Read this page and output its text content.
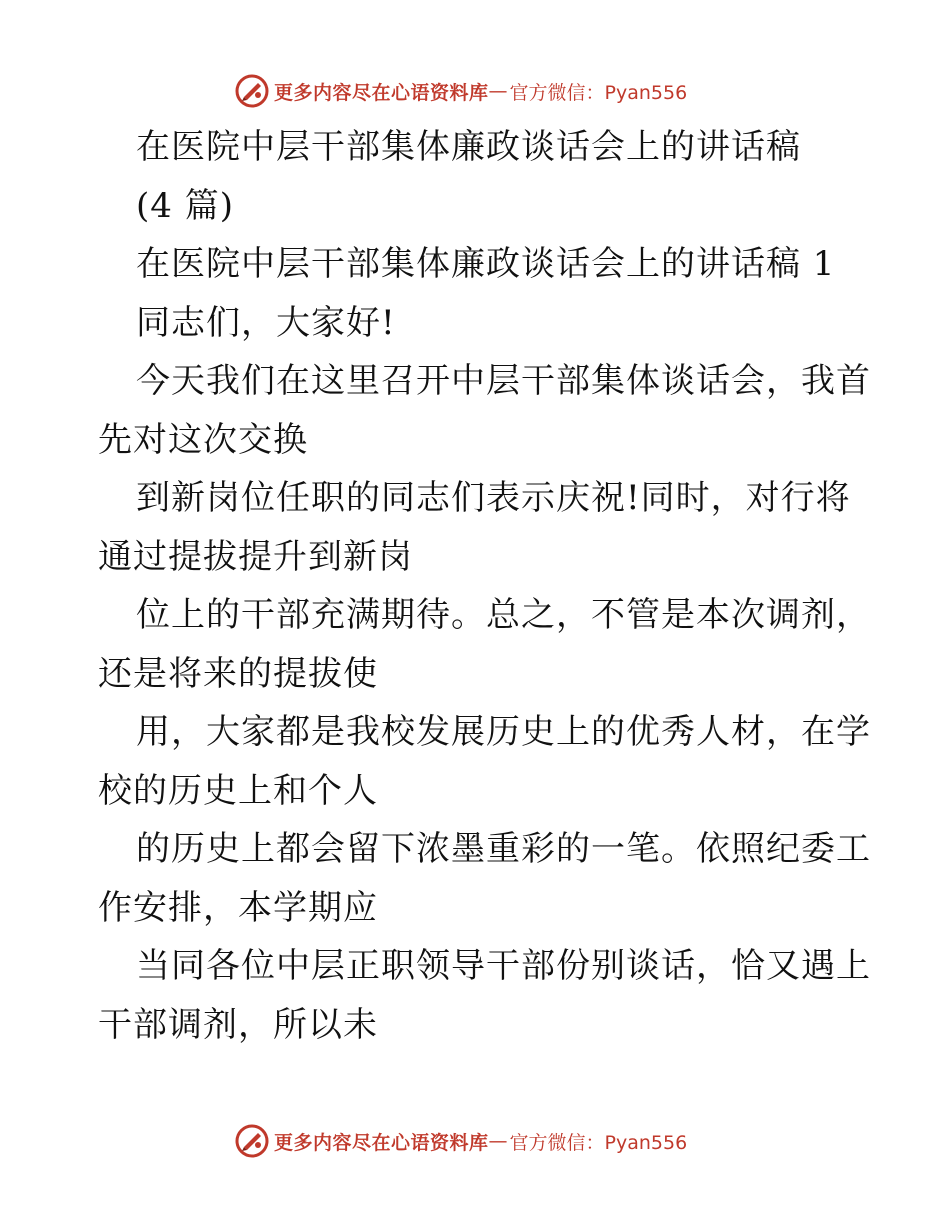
更多内容尽在心语资料库 — 官方微信：Pyan556
在医院中层干部集体廉政谈话会上的讲话稿
(4 篇)
在医院中层干部集体廉政谈话会上的讲话稿 1
同志们，大家好!
今天我们在这里召开中层干部集体谈话会，我首
先对这次交换
到新岗位任职的同志们表示庆祝!同时，对行将
通过提拔提升到新岗
位上的干部充满期待。总之，不管是本次调剂，
还是将来的提拔使
用，大家都是我校发展历史上的优秀人材，在学
校的历史上和个人
的历史上都会留下浓墨重彩的一笔。依照纪委工
作安排，本学期应
当同各位中层正职领导干部份别谈话，恰又遇上
干部调剂，所以未
更多内容尽在心语资料库 — 官方微信：Pyan556
